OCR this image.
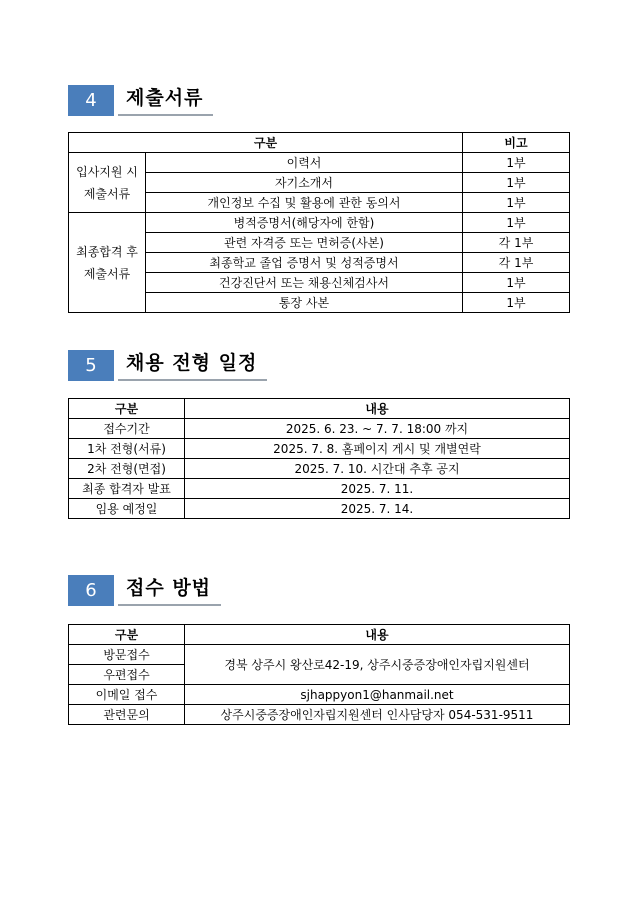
4	제출서류
구분		비고
입사지원 시
제출서류	이력서	1부
	자기소개서	1부
	개인정보 수집 및 활용에 관한 동의서	1부
최종합격 후
제출서류	병적증명서(해당자에 한함)	1부
	관련 자격증 또는 면허증(사본)	각 1부
	최종학교 졸업 증명서 및 성적증명서	각 1부
	건강진단서 또는 채용신체검사서	1부
	통장 사본	1부
5	채용 전형 일정
구분	내용
접수기간	2025. 6. 23. ~ 7. 7. 18:00 까지
1차 전형(서류)	2025. 7. 8. 홈페이지 게시 및 개별연락
2차 전형(면접)	2025. 7. 10. 시간대 추후 공지
최종 합격자 발표	2025. 7. 11.
임용 예정일	2025. 7. 14.
6	접수 방법
구분	내용
방문접수	경북 상주시 왕산로42-19, 상주시중증장애인자립지원센터
우편접수	
이메일 접수	sjhappyon1@hanmail.net
관련문의	상주시중증장애인자립지원센터 인사담당자 054-531-9511
